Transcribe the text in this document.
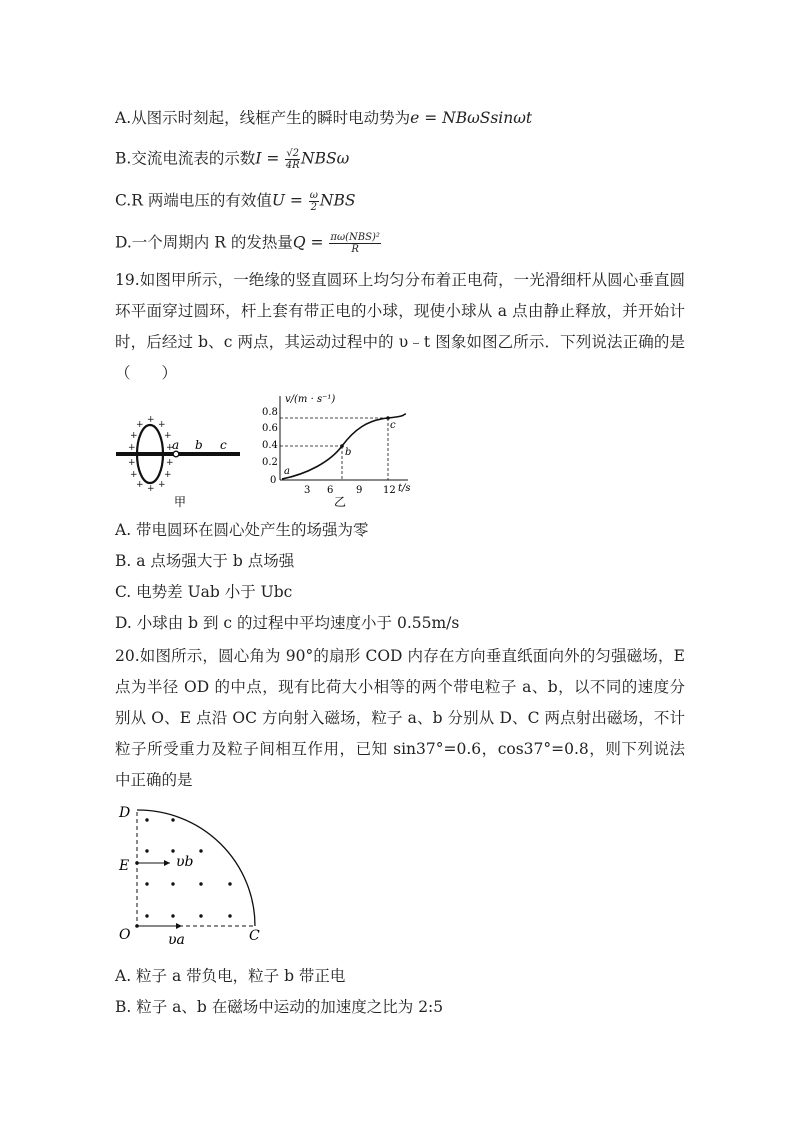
A.从图示时刻起，线框产生的瞬时电动势为e = NBωSsinωt
B.交流电流表的示数$I = \frac{√2}{4R}$ NBSω
C.R 两端电压的有效值$U = \frac{\omega}{2}$ NBS
D.一个周期内 R 的发热量$Q = \frac{\text{πω(NBS)²}}{R}$
19.如图甲所示，一绝缘的竖直圆环上均匀分布着正电荷，一光滑细杆从圆心垂直圆环平面穿过圆环，杆上套有带正电的小球，现使小球从 a 点由静止释放，并开始计时，后经过 b、c 两点，其运动过程中的 υ﹣t 图象如图乙所示．下列说法正确的是（　　）
+
+ +
+	+
+	+
+	+
+	+
+ +
+
a b c
甲
v/(m · s⁻¹)
t/s
0.8
0.6
0.4
0.2
0
3 6 9 12
a
b
c
乙
A. 带电圆环在圆心处产生的场强为零
B. a 点场强大于 b 点场强
C. 电势差 Uab 小于 Ubc
D. 小球由 b 到 c 的过程中平均速度小于 0.55m/s
20.如图所示，圆心角为 90°的扇形 COD 内存在方向垂直纸面向外的匀强磁场，E 点为半径 OD 的中点，现有比荷大小相等的两个带电粒子 a、b，以不同的速度分别从 O、E 点沿 OC 方向射入磁场，粒子 a、b 分别从 D、C 两点射出磁场，不计粒子所受重力及粒子间相互作用，已知 sin37°=0.6，cos37°=0.8，则下列说法中正确的是
D
E
O	C
υb
υa
A. 粒子 a 带负电，粒子 b 带正电
B. 粒子 a、b 在磁场中运动的加速度之比为 2:5
